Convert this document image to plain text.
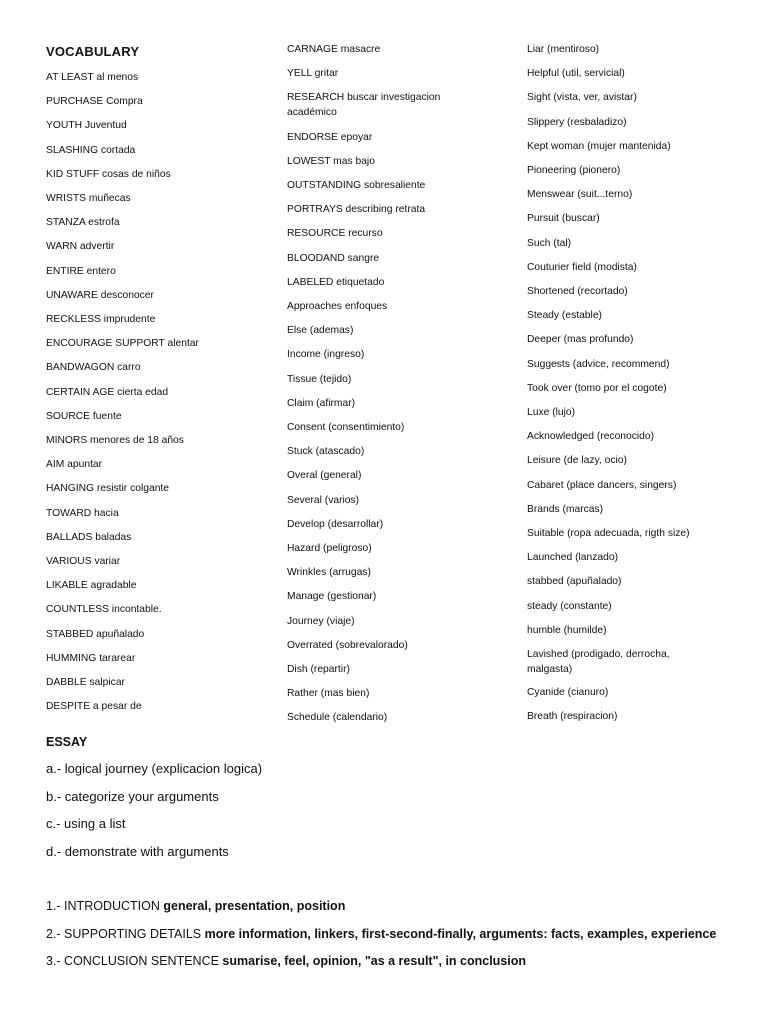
VOCABULARY
AT LEAST al menos
PURCHASE Compra
YOUTH Juventud
SLASHING cortada
KID STUFF cosas de niños
WRISTS muñecas
STANZA estrofa
WARN advertir
ENTIRE entero
UNAWARE desconocer
RECKLESS imprudente
ENCOURAGE SUPPORT alentar
BANDWAGON carro
CERTAIN AGE cierta edad
SOURCE fuente
MINORS menores de 18 años
AIM apuntar
HANGING resistir colgante
TOWARD hacia
BALLADS baladas
VARIOUS variar
LIKABLE agradable
COUNTLESS incontable.
STABBED apuñalado
HUMMING tararear
DABBLE salpicar
DESPITE a pesar de
CARNAGE masacre
YELL gritar
RESEARCH buscar investigacion académico
ENDORSE epoyar
LOWEST mas bajo
OUTSTANDING sobresaliente
PORTRAYS describing retrata
RESOURCE recurso
BLOODAND sangre
LABELED etiquetado
Approaches enfoques
Else (ademas)
Income (ingreso)
Tissue (tejido)
Claim (afirmar)
Consent (consentimiento)
Stuck (atascado)
Overal (general)
Several (varios)
Develop (desarrollar)
Hazard (peligroso)
Wrinkles (arrugas)
Manage (gestionar)
Journey (viaje)
Overrated (sobrevalorado)
Dish (repartir)
Rather (mas bien)
Schedule (calendario)
Liar (mentiroso)
Helpful (util, servicial)
Sight (vista, ver, avistar)
Slippery (resbaladizo)
Kept woman (mujer mantenida)
Pioneering (pionero)
Menswear (suit...terno)
Pursuit (buscar)
Such (tal)
Couturier field (modista)
Shortened (recortado)
Steady (estable)
Deeper (mas profundo)
Suggests (advice, recommend)
Took over (tomo por el cogote)
Luxe (lujo)
Acknowledged (reconocido)
Leisure (de lazy, ocio)
Cabaret (place dancers, singers)
Brands (marcas)
Suitable (ropa adecuada, rigth size)
Launched (lanzado)
stabbed (apuñalado)
steady (constante)
humble (humilde)
Lavished (prodigado, derrocha, malgasta)
Cyanide (cianuro)
Breath (respiracion)
ESSAY
a.- logical journey (explicacion logica)
b.- categorize your arguments
c.- using a list
d.- demonstrate with arguments
1.- INTRODUCTION general, presentation, position
2.- SUPPORTING DETAILS more information, linkers, first-second-finally, arguments: facts, examples, experience
3.- CONCLUSION SENTENCE sumarise, feel, opinion, "as a result", in conclusion
